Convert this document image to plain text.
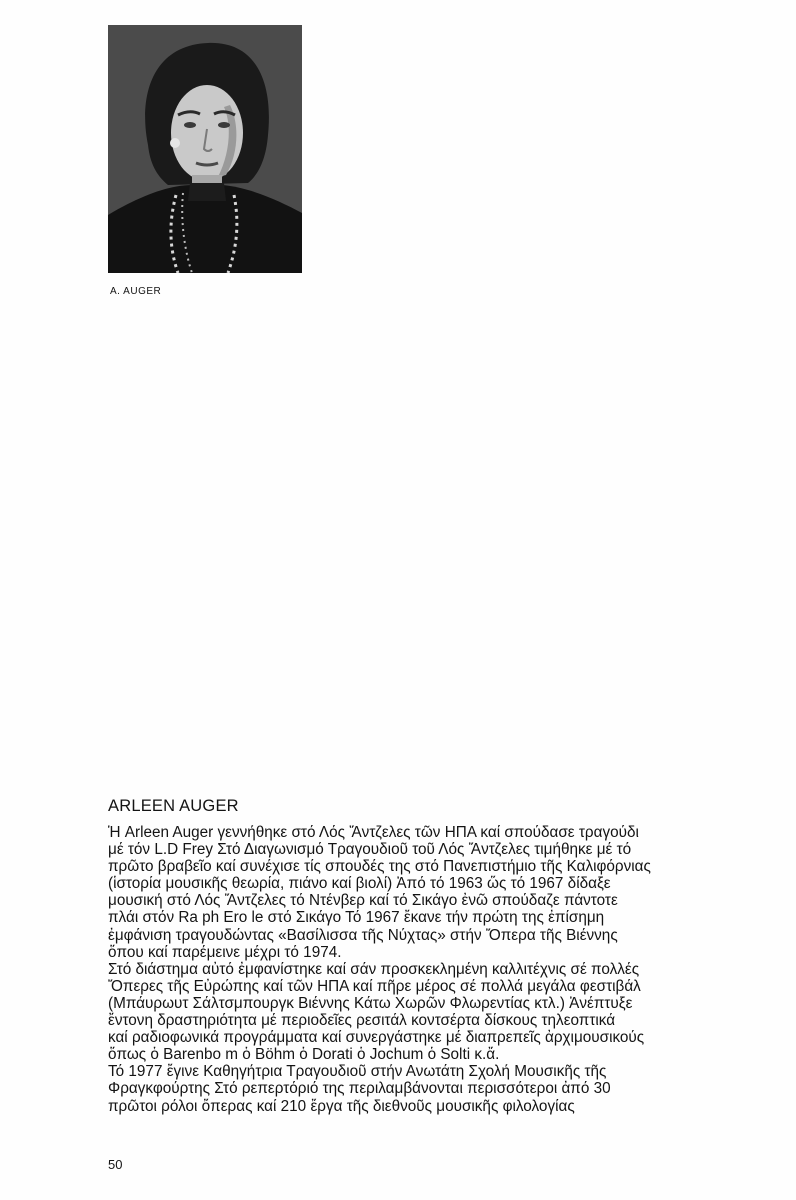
A. AUGER
ARLEEN AUGER
Ἡ Arleen Auger γεννήθηκε στό Λός Ἄντζελες τῶν ΗΠΑ καί σπούδασε τραγούδι
μέ τόν L.D Frey Στό Διαγωνισμό Τραγουδιοῦ τοῦ Λός Ἄντζελες τιμήθηκε μέ τό
πρῶτο βραβεῖο καί συνέχισε τίς σπουδές της στό Πανεπιστήμιο τῆς Καλιφόρνιας
(ἱστορία μουσικῆς θεωρία, πιάνο καί βιολί) Ἀπό τό 1963 ὥς τό 1967 δίδαξε
μουσική στό Λός Ἄντζελες τό Ντένβερ καί τό Σικάγο ἐνῶ σπούδαζε πάντοτε
πλάι στόν Ra ph Ero le στό Σικάγο Τό 1967 ἔκανε τήν πρώτη της ἐπίσημη
ἐμφάνιση τραγουδώντας «Βασίλισσα τῆς Νύχτας» στήν Ὄπερα τῆς Βιέννης
ὅπου καί παρέμεινε μέχρι τό 1974.
Στό διάστημα αὐτό ἐμφανίστηκε καί σάν προσκεκλημένη καλλιτέχνις σέ πολλές
Ὄπερες τῆς Εὐρώπης καί τῶν ΗΠΑ καί πῆρε μέρος σέ πολλά μεγάλα φεστιβάλ
(Μπάυρωυτ Σάλτσμπουργκ Βιέννης Κάτω Χωρῶν Φλωρεντίας κτλ.) Ἀνέπτυξε
ἔντονη δραστηριότητα μέ περιοδεῖες ρεσιτάλ κοντσέρτα δίσκους τηλεοπτικά
καί ραδιοφωνικά προγράμματα καί συνεργάστηκε μέ διαπρεπεῖς ἀρχιμουσικούς
ὅπως ὁ Barenbo m ὁ Böhm ὁ Dorati ὁ Jochum ὁ Solti κ.ἄ.
Τό 1977 ἔγινε Καθηγήτρια Τραγουδιοῦ στήν Ανωτάτη Σχολή Μουσικῆς τῆς
Φραγκφούρτης Στό ρεπερτόριό της περιλαμβάνονται περισσότεροι ἀπό 30
πρῶτοι ρόλοι ὄπερας καί 210 ἔργα τῆς διεθνοῦς μουσικῆς φιλολογίας
50
